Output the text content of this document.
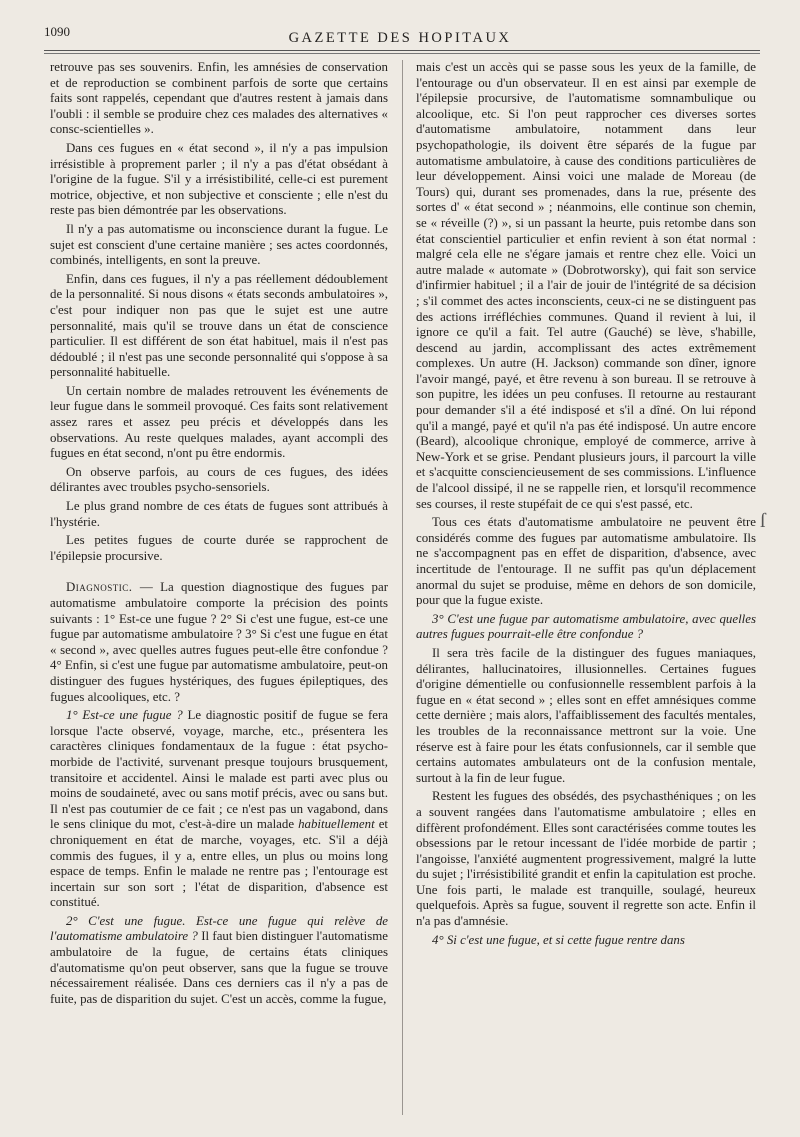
1090	GAZETTE DES HOPITAUX

retrouve pas ses souvenirs. Enfin, les amnésies de conservation et de reproduction se combinent parfois de sorte que certains faits sont rappelés, cependant que d'autres restent à jamais dans l'oubli : il semble se produire chez ces malades des alternatives « consc-scientielles ».

Dans ces fugues en « état second », il n'y a pas impulsion irrésistible à proprement parler ; il n'y a pas d'état obsédant à l'origine de la fugue. S'il y a irrésistibilité, celle-ci est purement motrice, objective, et non subjective et consciente ; elle n'est du reste pas bien démontrée par les observations.

Il n'y a pas automatisme ou inconscience durant la fugue. Le sujet est conscient d'une certaine manière ; ses actes coordonnés, combinés, intelligents, en sont la preuve.

Enfin, dans ces fugues, il n'y a pas réellement dédoublement de la personnalité. Si nous disons « états seconds ambulatoires », c'est pour indiquer non pas que le sujet est une autre personnalité, mais qu'il se trouve dans un état de conscience particulier. Il est différent de son état habituel, mais il n'est pas dédoublé ; il n'est pas une seconde personnalité qui s'oppose à sa personnalité habituelle.

Un certain nombre de malades retrouvent les événements de leur fugue dans le sommeil provoqué. Ces faits sont relativement assez rares et assez peu précis et développés dans les observations. Au reste quelques malades, ayant accompli des fugues en état second, n'ont pu être endormis.

On observe parfois, au cours de ces fugues, des idées délirantes avec troubles psycho-sensoriels.

Le plus grand nombre de ces états de fugues sont attribués à l'hystérie.

Les petites fugues de courte durée se rapprochent de l'épilepsie procursive.

Diagnostic. — La question diagnostique des fugues par automatisme ambulatoire comporte la précision des points suivants : 1° Est-ce une fugue ? 2° Si c'est une fugue, est-ce une fugue par automatisme ambulatoire ? 3° Si c'est une fugue en état « second », avec quelles autres fugues peut-elle être confondue ? 4° Enfin, si c'est une fugue par automatisme ambulatoire, peut-on distinguer des fugues hystériques, des fugues épileptiques, des fugues alcooliques, etc. ?

1° Est-ce une fugue ? Le diagnostic positif de fugue se fera lorsque l'acte observé, voyage, marche, etc., présentera les caractères cliniques fondamentaux de la fugue : état psycho-morbide de l'activité, survenant presque toujours brusquement, transitoire et accidentel. Ainsi le malade est parti avec plus ou moins de soudaineté, avec ou sans motif précis, avec ou sans but. Il n'est pas coutumier de ce fait ; ce n'est pas un vagabond, dans le sens clinique du mot, c'est-à-dire un malade habituellement et chroniquement en état de marche, voyages, etc. S'il a déjà commis des fugues, il y a, entre elles, un plus ou moins long espace de temps. Enfin le malade ne rentre pas ; l'entourage est incertain sur son sort ; l'état de disparition, d'absence est constitué.

2° C'est une fugue. Est-ce une fugue qui relève de l'automatisme ambulatoire ? Il faut bien distinguer l'automatisme ambulatoire de la fugue, de certains états cliniques d'automatisme qu'on peut observer, sans que la fugue se trouve nécessairement réalisée. Dans ces derniers cas il n'y a pas de fuite, pas de disparition du sujet. C'est un accès, comme la fugue,

mais c'est un accès qui se passe sous les yeux de la famille, de l'entourage ou d'un observateur. Il en est ainsi par exemple de l'épilepsie procursive, de l'automatisme somnambulique ou alcoolique, etc. Si l'on peut rapprocher ces diverses sortes d'automatisme ambulatoire, notamment dans leur psychopathologie, ils doivent être séparés de la fugue par automatisme ambulatoire, à cause des conditions particulières de leur développement. Ainsi voici une malade de Moreau (de Tours) qui, durant ses promenades, dans la rue, présente des sortes d' « état second » ; néanmoins, elle continue son chemin, se « réveille (?) », si un passant la heurte, puis retombe dans son état conscientiel particulier et enfin revient à son état normal : malgré cela elle ne s'égare jamais et rentre chez elle. Voici un autre malade « automate » (Dobrotworsky), qui fait son service d'infirmier habituel ; il a l'air de jouir de l'intégrité de sa décision ; s'il commet des actes inconscients, ceux-ci ne se distinguent pas des actions irréfléchies communes. Quand il revient à lui, il ignore ce qu'il a fait. Tel autre (Gauché) se lève, s'habille, descend au jardin, accomplissant des actes extrêmement complexes. Un autre (H. Jackson) commande son dîner, ignore l'avoir mangé, payé, et être revenu à son bureau. Il se retrouve à son pupitre, les idées un peu confuses. Il retourne au restaurant pour demander s'il a été indisposé et s'il a dîné. On lui répond qu'il a mangé, payé et qu'il n'a pas été indisposé. Un autre encore (Beard), alcoolique chronique, employé de commerce, arrive à New-York et se grise. Pendant plusieurs jours, il parcourt la ville et s'acquitte consciencieusement de ses commissions. L'influence de l'alcool dissipé, il ne se rappelle rien, et lorsqu'il recommence ses courses, il reste stupéfait de ce qui s'est passé, etc.

Tous ces états d'automatisme ambulatoire ne peuvent être considérés comme des fugues par automatisme ambulatoire. Ils ne s'accompagnent pas en effet de disparition, d'absence, avec incertitude de l'entourage. Il ne suffit pas qu'un déplacement anormal du sujet se produise, même en dehors de son domicile, pour que la fugue existe.

3° C'est une fugue par automatisme ambulatoire, avec quelles autres fugues pourrait-elle être confondue ?

Il sera très facile de la distinguer des fugues maniaques, délirantes, hallucinatoires, illusionnelles. Certaines fugues d'origine démentielle ou confusionnelle ressemblent parfois à la fugue en « état second » ; elles sont en effet amnésiques comme cette dernière ; mais alors, l'affaiblissement des facultés mentales, les troubles de la reconnaissance mettront sur la voie. Une réserve est à faire pour les états confusionnels, car il semble que certains automates ambulateurs ont de la confusion mentale, surtout à la fin de leur fugue.

Restent les fugues des obsédés, des psychasthéniques ; on les a souvent rangées dans l'automatisme ambulatoire ; elles en diffèrent profondément. Elles sont caractérisées comme toutes les obsessions par le retour incessant de l'idée morbide de partir ; l'angoisse, l'anxiété augmentent progressivement, malgré la lutte du sujet ; l'irrésistibilité grandit et enfin la capitulation est proche. Une fois parti, le malade est tranquille, soulagé, heureux quelquefois. Après sa fugue, souvent il regrette son acte. Enfin il n'a pas d'amnésie.

4° Si c'est une fugue, et si cette fugue rentre dans

ſ
